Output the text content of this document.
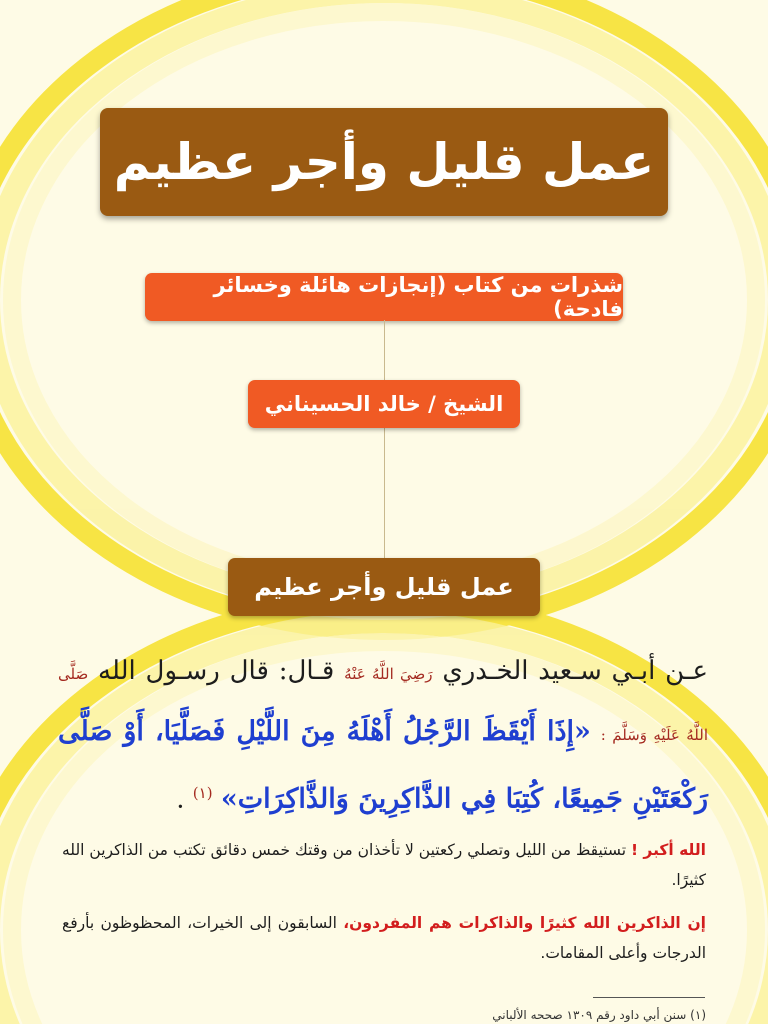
عمل قليل وأجر عظيم
شذرات من كتاب (إنجازات هائلة وخسائر فادحة)
الشيخ / خالد الحسيناني
عمل قليل وأجر عظيم
عـن أبـي سـعيد الخـدري رَضِيَ اللَّهُ عَنْهُ قـال: قال رسـول الله صَلَّى اللَّهُ عَلَيْهِ وَسَلَّمَ : «إِذَا أَيْقَظَ الرَّجُلُ أَهْلَهُ مِنَ اللَّيْلِ فَصَلَّيَا، أَوْ صَلَّى رَكْعَتَيْنِ جَمِيعًا، كُتِبَا فِي الذَّاكِرِينَ وَالذَّاكِرَاتِ» $^{(١)}$ .
الله أكبر ! تستيقظ من الليل وتصلي ركعتين لا تأخذان من وقتك خمس دقائق تكتب من الذاكرين الله كثيرًا.
إن الذاكرين الله كثيرًا والذاكرات هم المفردون، السابقون إلى الخيرات، المحظوظون بأرفع الدرجات وأعلى المقامات.
(١) سنن أبي داود رقم ١٣٠٩ صححه الألباني
